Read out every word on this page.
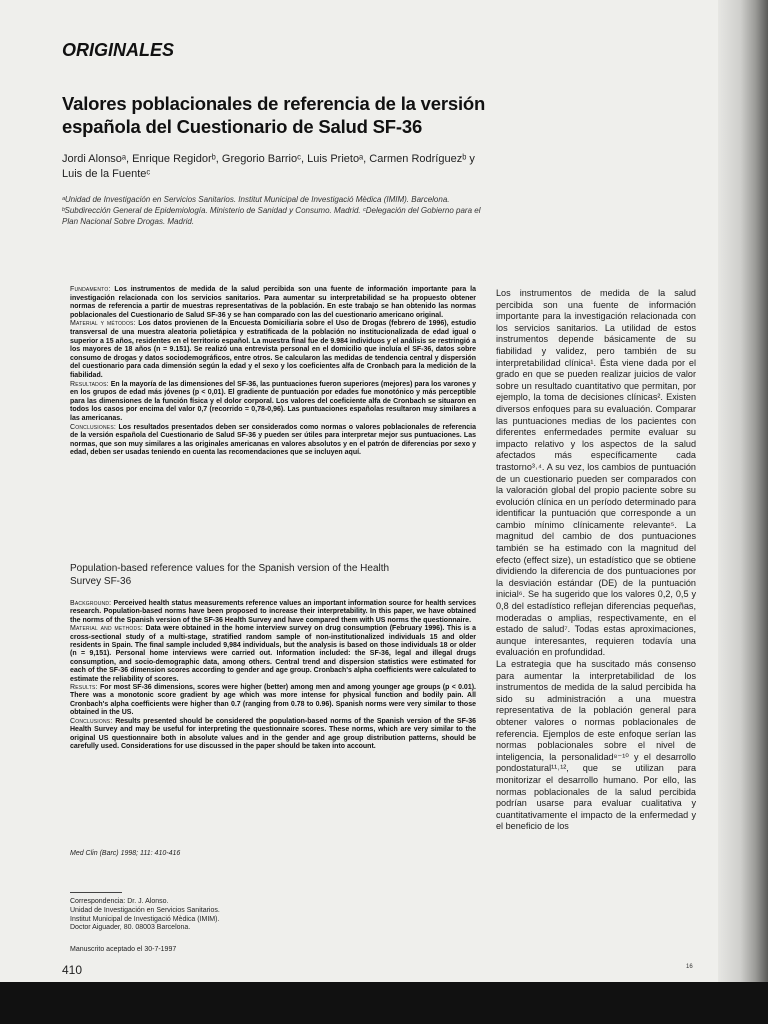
ORIGINALES
Valores poblacionales de referencia de la versión española del Cuestionario de Salud SF-36
Jordi Alonsoᵃ, Enrique Regidorᵇ, Gregorio Barrioᶜ, Luis Prietoᵃ, Carmen Rodríguezᵇ y Luis de la Fuenteᶜ
ᵃUnidad de Investigación en Servicios Sanitarios. Institut Municipal de Investigació Mèdica (IMIM). Barcelona. ᵇSubdirección General de Epidemiología. Ministerio de Sanidad y Consumo. Madrid. ᶜDelegación del Gobierno para el Plan Nacional Sobre Drogas. Madrid.

Fundamento: Los instrumentos de medida de la salud percibida son una fuente de información importante para la investigación relacionada con los servicios sanitarios. Para aumentar su interpretabilidad se ha propuesto obtener normas de referencia a partir de muestras representativas de la población. En este trabajo se han obtenido las normas poblacionales del Cuestionario de Salud SF-36 y se han comparado con las del cuestionario americano original.

Material y métodos: Los datos provienen de la Encuesta Domiciliaria sobre el Uso de Drogas (febrero de 1996), estudio transversal de una muestra aleatoria polietápica y estratificada de la población no institucionalizada de edad igual o superior a 15 años, residentes en el territorio español. La muestra final fue de 9.984 individuos y el análisis se restringió a los mayores de 18 años (n = 9.151). Se realizó una entrevista personal en el domicilio que incluía el SF-36, datos sobre consumo de drogas y datos sociodemográficos, entre otros. Se calcularon las medidas de tendencia central y dispersión del cuestionario para cada dimensión según la edad y el sexo y los coeficientes alfa de Cronbach para la medición de la fiabilidad.

Resultados: En la mayoría de las dimensiones del SF-36, las puntuaciones fueron superiores (mejores) para los varones y en los grupos de edad más jóvenes (p < 0,01). El gradiente de puntuación por edades fue monotónico y más perceptible para las dimensiones de la función física y el dolor corporal. Los valores del coeficiente alfa de Cronbach se situaron en todos los casos por encima del valor 0,7 (recorrido = 0,78-0,96). Las puntuaciones españolas resultaron muy similares a las americanas.

Conclusiones: Los resultados presentados deben ser considerados como normas o valores poblacionales de referencia de la versión española del Cuestionario de Salud SF-36 y pueden ser útiles para interpretar mejor sus puntuaciones. Las normas, que son muy similares a las originales americanas en valores absolutos y en el patrón de diferencias por sexo y edad, deben ser usadas teniendo en cuenta las recomendaciones que se incluyen aquí.

Population-based reference values for the Spanish version of the Health Survey SF-36

Background: Perceived health status measurements reference values an important information source for health services research. Population-based norms have been proposed to increase their interpretability. In this paper, we have obtained the norms of the Spanish version of the SF-36 Health Survey and have compared them with US norms the questionnaire.

Material and methods: Data were obtained in the home interview survey on drug consumption (February 1996). This is a cross-sectional study of a multi-stage, stratified random sample of non-institutionalized individuals 15 and older residents in Spain. The final sample included 9,984 individuals, but the analysis is based on those individuals 18 or older (n = 9,151). Personal home interviews were carried out. Information included: the SF-36, legal and illegal drugs consumption, and socio-demographic data, among others. Central trend and dispersion statistics were estimated for each of the SF-36 dimension scores according to gender and age group. Cronbach's alpha coefficients were calculated to estimate the reliability of scores.

Results: For most SF-36 dimensions, scores were higher (better) among men and among younger age groups (p < 0.01). There was a monotonic score gradient by age which was more intense for physical function and bodily pain. All Cronbach's alpha coefficients were higher than 0.7 (ranging from 0.78 to 0.96). Spanish norms were very similar to those obtained in the US.

Conclusions: Results presented should be considered the population-based norms of the Spanish version of the SF-36 Health Survey and may be useful for interpreting the questionnaire scores. These norms, which are very similar to the original US questionnaire both in absolute values and in the gender and age group distribution patterns, should be carefully used. Considerations for use discussed in the paper should be taken into account.

Med Clin (Barc) 1998; 111: 410-416

Correspondencia: Dr. J. Alonso.

Unidad de Investigación en Servicios Sanitarios.

Institut Municipal de Investigació Mèdica (IMIM).

Doctor Aiguader, 80. 08003 Barcelona.

Manuscrito aceptado el 30-7-1997
410

Los instrumentos de medida de la salud percibida son una fuente de información importante para la investigación relacionada con los servicios sanitarios. La utilidad de estos instrumentos depende básicamente de su fiabilidad y validez, pero también de su interpretabilidad clínica¹. Ésta viene dada por el grado en que se pueden realizar juicios de valor sobre un resultado cuantitativo que permitan, por ejemplo, la toma de decisiones clínicas². Existen diversos enfoques para su evaluación. Comparar las puntuaciones medias de los pacientes con diferentes enfermedades permite evaluar su impacto relativo y los aspectos de la salud afectados más específicamente cada trastorno³˒⁴. A su vez, los cambios de puntuación de un cuestionario pueden ser comparados con la valoración global del propio paciente sobre su evolución clínica en un período determinado para identificar la puntuación que corresponde a un cambio mínimo clínicamente relevante⁵. La magnitud del cambio de dos puntuaciones también se ha estimado con la magnitud del efecto (effect size), un estadístico que se obtiene dividiendo la diferencia de dos puntuaciones por la desviación estándar (DE) de la puntuación inicial⁶. Se ha sugerido que los valores 0,2, 0,5 y 0,8 del estadístico reflejan diferencias pequeñas, moderadas o amplias, respectivamente, en el estado de salud⁷. Todas estas aproximaciones, aunque interesantes, requieren todavía una evaluación en profundidad.

La estrategia que ha suscitado más consenso para aumentar la interpretabilidad de los instrumentos de medida de la salud percibida ha sido su administración a una muestra representativa de la población general para obtener valores o normas poblacionales de referencia. Ejemplos de este enfoque serían las normas poblacionales sobre el nivel de inteligencia, la personalidad⁸⁻¹⁰ y el desarrollo pondostatural¹¹˒¹², que se utilizan para monitorizar el desarrollo humano. Por ello, las normas poblacionales de la salud percibida podrían usarse para evaluar cualitativa y cuantitativamente el impacto de la enfermedad y el beneficio de los

16
